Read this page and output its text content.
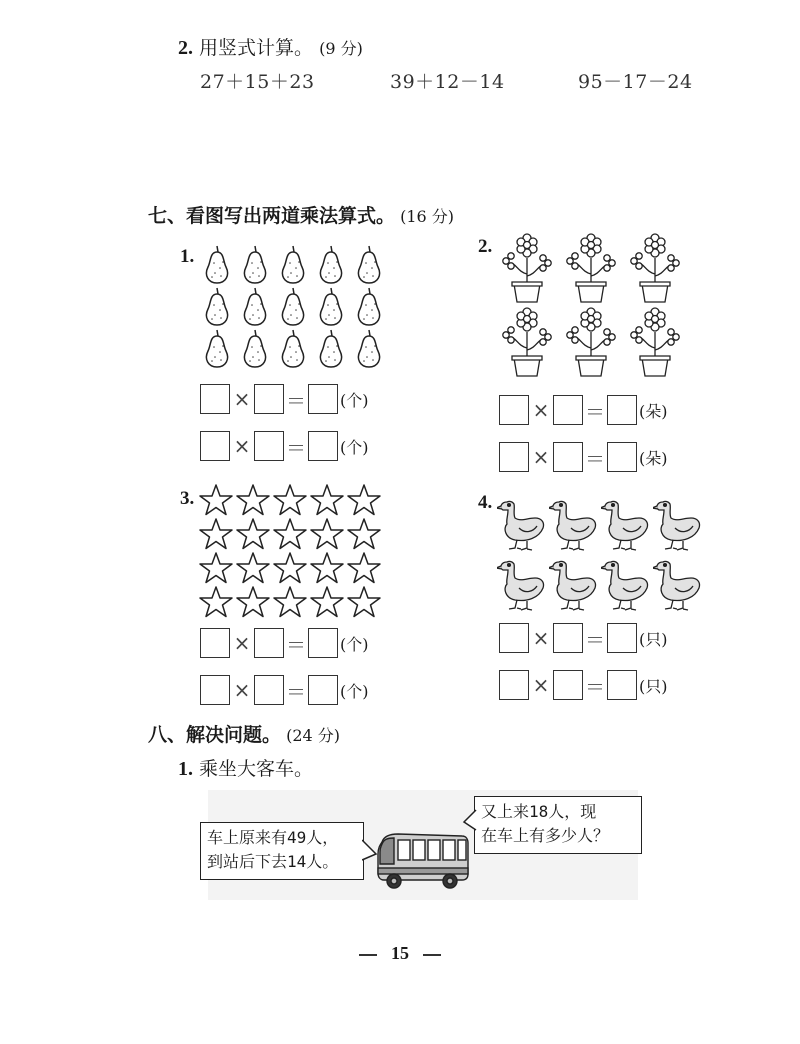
2. 用竖式计算。 (9 分)
27＋15＋23	39＋12－14	95－17－24
七、看图写出两道乘法算式。 (16 分)
1.
× ＝ (个)
× ＝ (个)
2.
× ＝ (朵)
× ＝ (朵)
3.
× ＝ (个)
× ＝ (个)
4.
× ＝ (只)
× ＝ (只)
八、解决问题。 (24 分)
1. 乘坐大客车。
车上原来有49人，
到站后下去14人。
又上来18人，现
在车上有多少人？
15
